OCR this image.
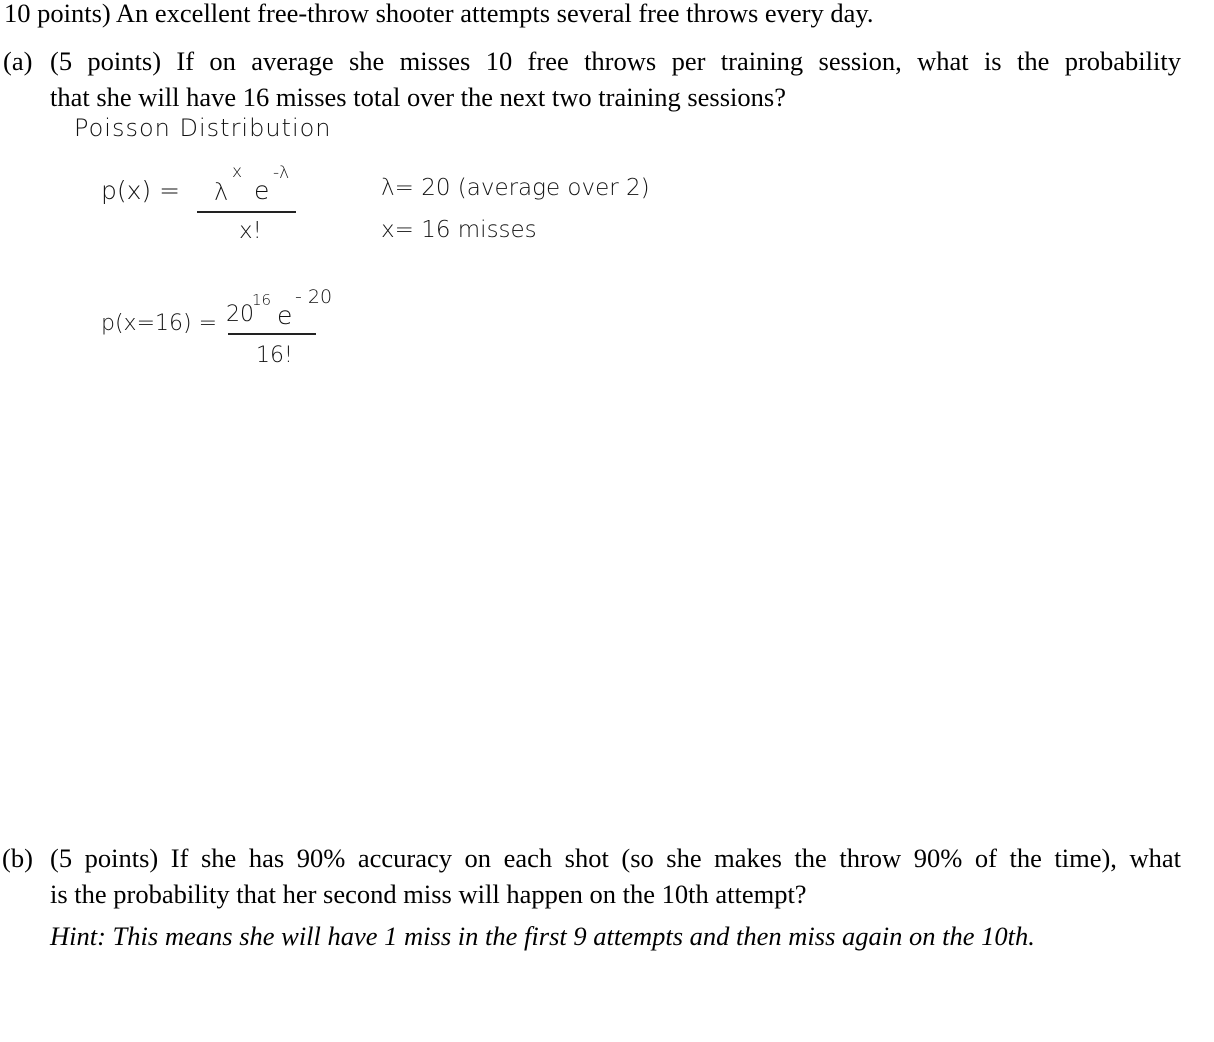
10 points) An excellent free-throw shooter attempts several free throws every day.
(a) (5 points) If on average she misses 10 free throws per training session, what is the probability
that she will have 16 misses total over the next two training sessions?
Poisson Distribution
p(x) = λ
x
e
-λ
x!
λ= 20 (average over 2)
x= 16 misses
p(x=16) = 20
16
e
- 20
16!
(b) (5 points) If she has 90% accuracy on each shot (so she makes the throw 90% of the time), what
is the probability that her second miss will happen on the 10th attempt?
Hint: This means she will have 1 miss in the first 9 attempts and then miss again on the 10th.
